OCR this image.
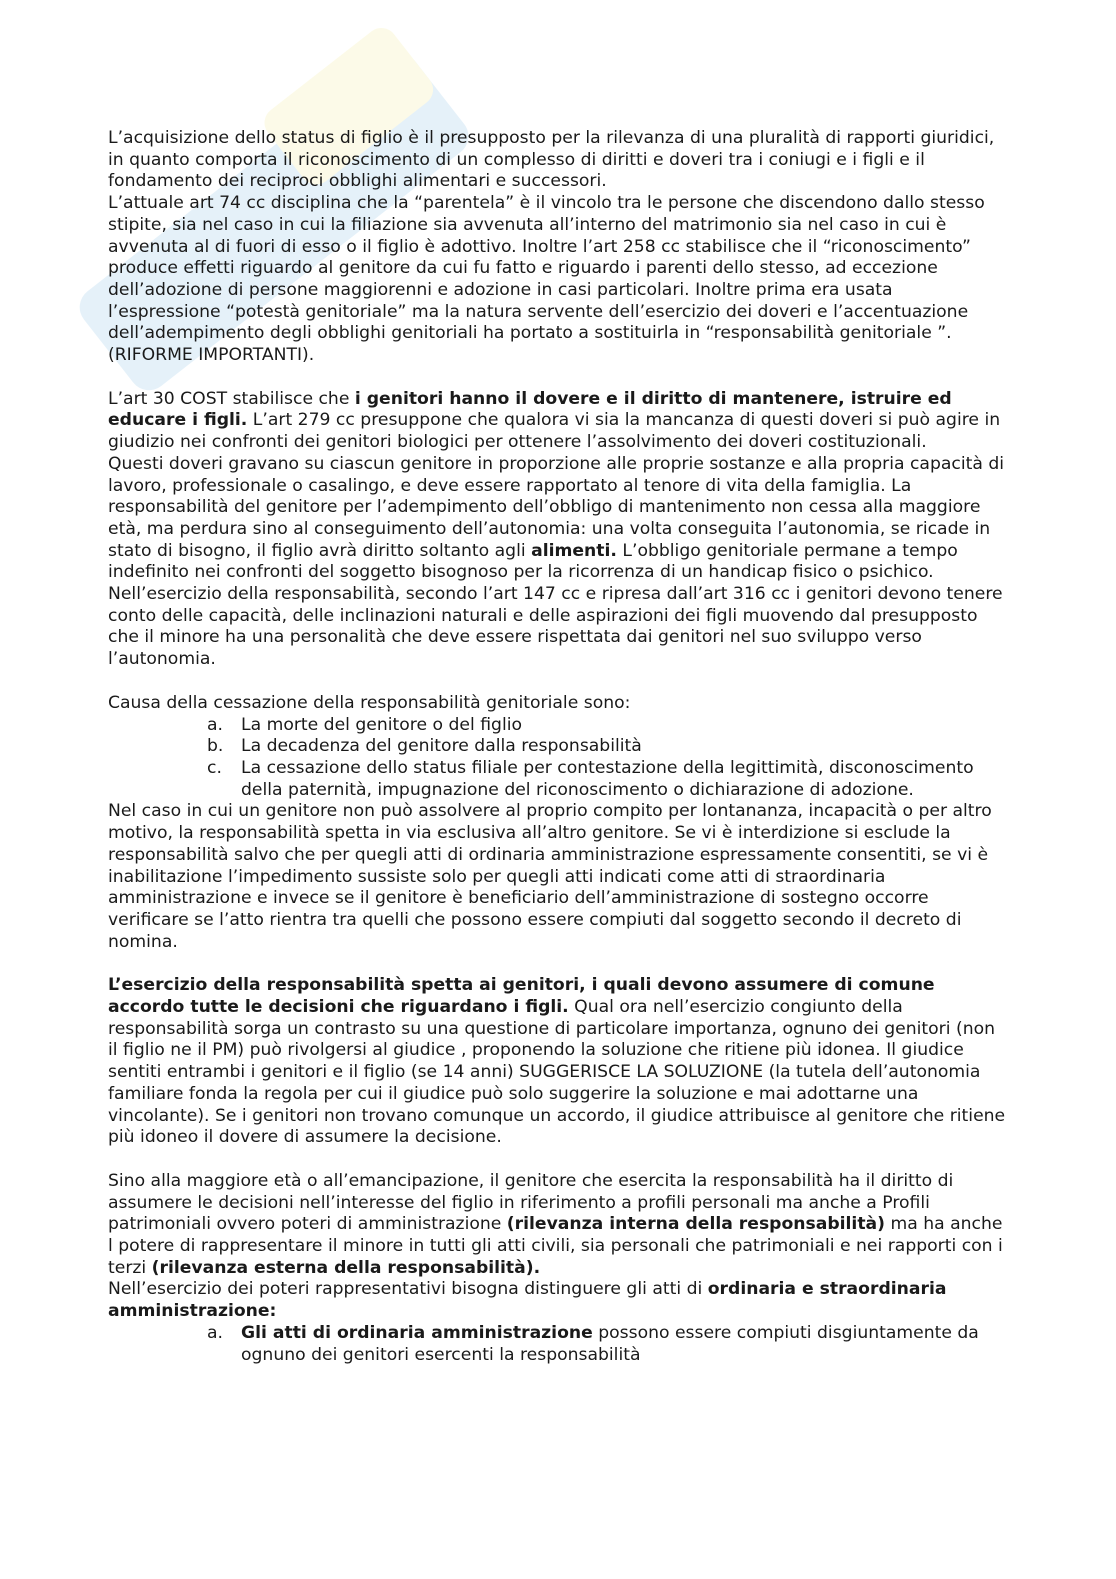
L’acquisizione dello status di figlio è il presupposto per la rilevanza di una pluralità di rapporti giuridici, in quanto comporta il riconoscimento di un complesso di diritti e doveri tra i coniugi e i figli e il fondamento dei reciproci obblighi alimentari e successori.

L’attuale art 74 cc disciplina che la “parentela” è il vincolo tra le persone che discendono dallo stesso stipite, sia nel caso in cui la filiazione sia avvenuta all’interno del matrimonio sia nel caso in cui è avvenuta al di fuori di esso o il figlio è adottivo. Inoltre l’art 258 cc stabilisce che il “riconoscimento” produce effetti riguardo al genitore da cui fu fatto e riguardo i parenti dello stesso, ad eccezione dell’adozione di persone maggiorenni e adozione in casi particolari. Inoltre prima era usata l’espressione “potestà genitoriale” ma la natura servente dell’esercizio dei doveri e l’accentuazione dell’adempimento degli obblighi genitoriali ha portato a sostituirla in “responsabilità genitoriale ”. (RIFORME IMPORTANTI).

L’art 30 COST stabilisce che i genitori hanno il dovere e il diritto di mantenere, istruire ed educare i figli. L’art 279 cc presuppone che qualora vi sia la mancanza di questi doveri si può agire in giudizio nei confronti dei genitori biologici per ottenere l’assolvimento dei doveri costituzionali.

Questi doveri gravano su ciascun genitore in proporzione alle proprie sostanze e alla propria capacità di lavoro, professionale o casalingo, e deve essere rapportato al tenore di vita della famiglia. La responsabilità del genitore per l’adempimento dell’obbligo di mantenimento non cessa alla maggiore età, ma perdura sino al conseguimento dell’autonomia: una volta conseguita l’autonomia, se ricade in stato di bisogno, il figlio avrà diritto soltanto agli alimenti. L’obbligo genitoriale permane a tempo indefinito nei confronti del soggetto bisognoso per la ricorrenza di un handicap fisico o psichico.

Nell’esercizio della responsabilità, secondo l’art 147 cc e ripresa dall’art 316 cc i genitori devono tenere conto delle capacità, delle inclinazioni naturali e delle aspirazioni dei figli muovendo dal presupposto che il minore ha una personalità che deve essere rispettata dai genitori nel suo sviluppo verso l’autonomia.

Causa della cessazione della responsabilità genitoriale sono:

a. La morte del genitore o del figlio
b. La decadenza del genitore dalla responsabilità
c. La cessazione dello status filiale per contestazione della legittimità, disconoscimento della paternità, impugnazione del riconoscimento o dichiarazione di adozione.

Nel caso in cui un genitore non può assolvere al proprio compito per lontananza, incapacità o per altro motivo, la responsabilità spetta in via esclusiva all’altro genitore. Se vi è interdizione si esclude la responsabilità salvo che per quegli atti di ordinaria amministrazione espressamente consentiti, se vi è inabilitazione l’impedimento sussiste solo per quegli atti indicati come atti di straordinaria amministrazione e invece se il genitore è beneficiario dell’amministrazione di sostegno occorre verificare se l’atto rientra tra quelli che possono essere compiuti dal soggetto secondo il decreto di nomina.

L’esercizio della responsabilità spetta ai genitori, i quali devono assumere di comune accordo tutte le decisioni che riguardano i figli. Qual ora nell’esercizio congiunto della responsabilità sorga un contrasto su una questione di particolare importanza, ognuno dei genitori (non il figlio ne il PM) può rivolgersi al giudice , proponendo la soluzione che ritiene più idonea. Il giudice sentiti entrambi i genitori e il figlio (se 14 anni) SUGGERISCE LA SOLUZIONE (la tutela dell’autonomia familiare fonda la regola per cui il giudice può solo suggerire la soluzione e mai adottarne una vincolante). Se i genitori non trovano comunque un accordo, il giudice attribuisce al genitore che ritiene più idoneo il dovere di assumere la decisione.

Sino alla maggiore età o all’emancipazione, il genitore che esercita la responsabilità ha il diritto di assumere le decisioni nell’interesse del figlio in riferimento a profili personali ma anche a Profili patrimoniali ovvero poteri di amministrazione (rilevanza interna della responsabilità) ma ha anche l potere di rappresentare il minore in tutti gli atti civili, sia personali che patrimoniali e nei rapporti con i terzi (rilevanza esterna della responsabilità).

Nell’esercizio dei poteri rappresentativi bisogna distinguere gli atti di ordinaria e straordinaria amministrazione:

a. Gli atti di ordinaria amministrazione possono essere compiuti disgiuntamente da ognuno dei genitori esercenti la responsabilità
